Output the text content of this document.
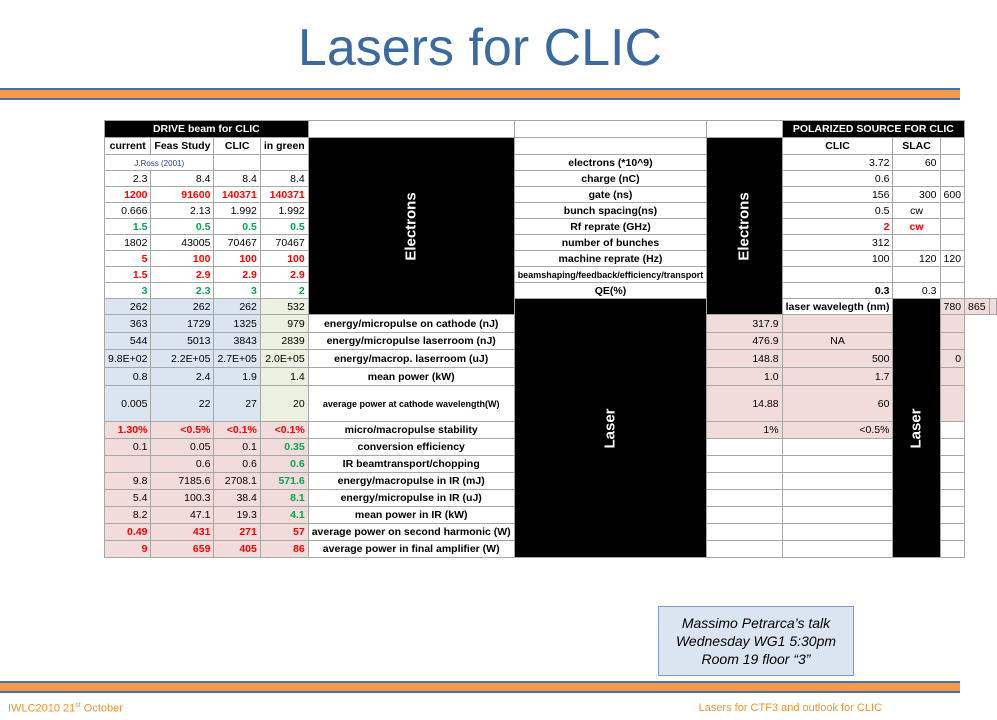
Lasers for CLIC
DRIVE beam for CLIC							POLARIZED SOURCE FOR CLIC				
current	Feas Study	CLIC	in green	Electrons		Electrons	CLIC	SLAC			
J.Ross (2001)					electrons (*10^9)		3.72	60			
2.3	8.4	8.4	8.4		charge (nC)		0.6				
1200	91600	140371	140371		gate (ns)		156	300	600		
0.666	2.13	1.992	1.992		bunch spacing(ns)		0.5	cw			
1.5	0.5	0.5	0.5		Rf reprate (GHz)		2	cw			
1802	43005	70467	70467		number of bunches		312				
5	100	100	100		machine reprate (Hz)		100	120	120		
1.5	2.9	2.9	2.9		beamshaping/feedback/efficiency/transport						
3	2.3	3	2		QE(%)		0.3	0.3			
262	262	262	532		Laser		laser wavelegth (nm)	Laser	780	865	
363	1729	1325	979	energy/micropulse on cathode (nJ)		317.9					
544	5013	3843	2839	energy/micropulse laserroom (nJ)		476.9	NA				
9.8E+02	2.2E+05	2.7E+05	2.0E+05	energy/macrop. laserroom (uJ)		148.8	500		0		
0.8	2.4	1.9	1.4	mean power (kW)		1.0	1.7				
0.005	22	27	20	average power at cathode wavelength(W)		14.88	60				
1.30%	<0.5%	<0.1%	<0.1%	micro/macropulse stability		1%	<0.5%				
0.1	0.05	0.1	0.35	conversion efficiency							
	0.6	0.6	0.6	IR beamtransport/chopping							
9.8	7185.6	2708.1	571.6	energy/macropulse in IR (mJ)							
5.4	100.3	38.4	8.1	energy/micropulse in IR (uJ)							
8.2	47.1	19.3	4.1	mean power in IR (kW)							
0.49	431	271	57	average power on second harmonic (W)							
9	659	405	86	average power in final amplifier (W)							
Massimo Petrarca’s talk
Wednesday WG1 5:30pm
Room 19 floor “3”
IWLC2010 21st October	Lasers for CTF3 and outlook for CLIC
